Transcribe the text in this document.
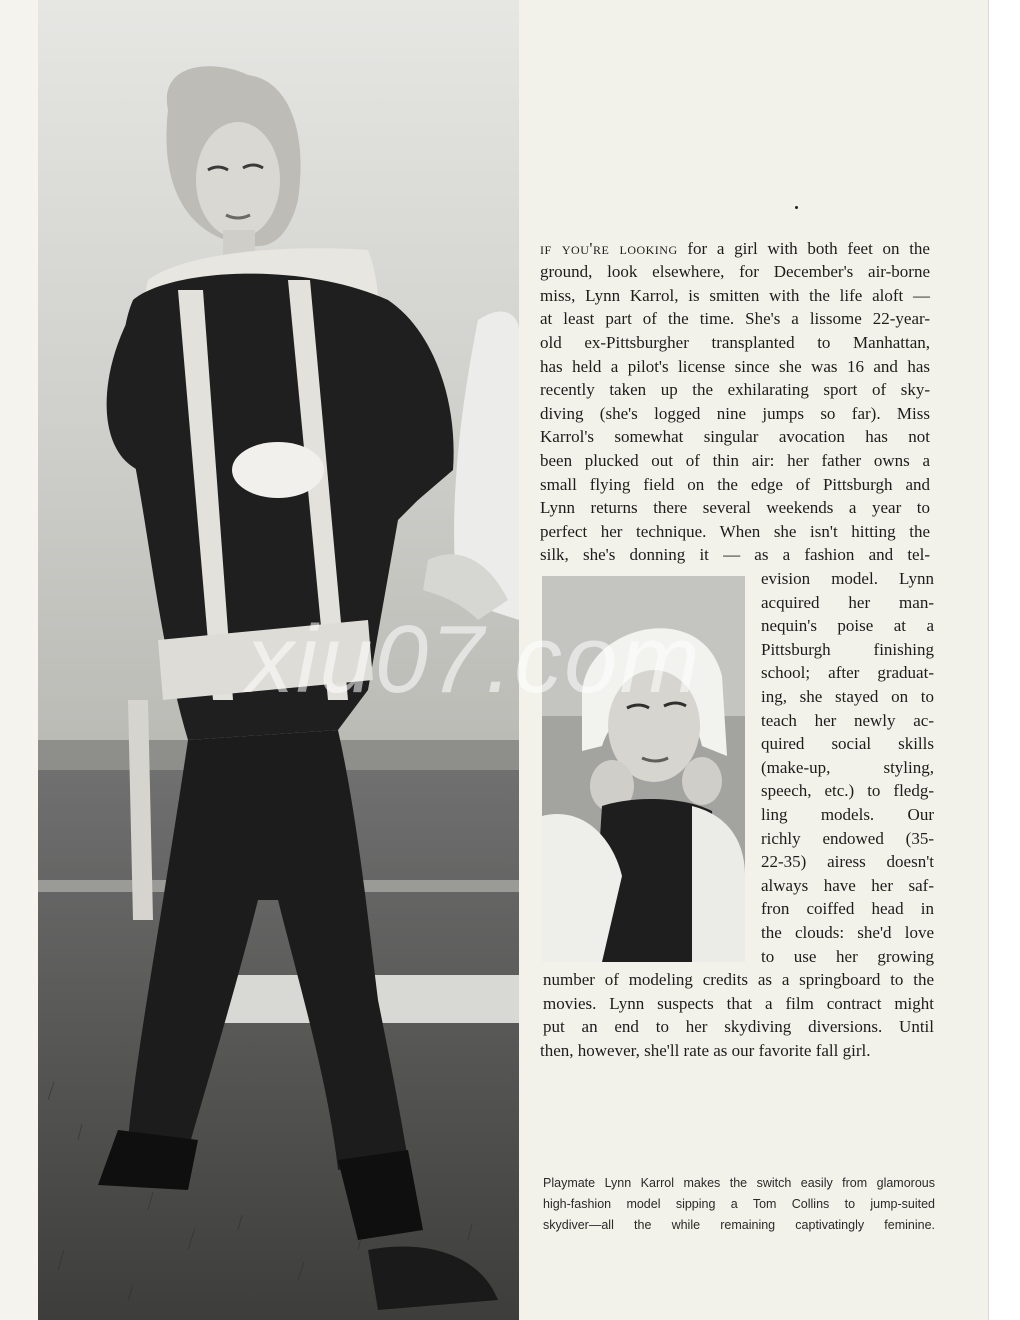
if you're looking for a girl with both feet on the
ground, look elsewhere, for December's air-borne
miss, Lynn Karrol, is smitten with the life aloft —
at least part of the time. She's a lissome 22-year-
old ex-Pittsburgher transplanted to Manhattan,
has held a pilot's license since she was 16 and has
recently taken up the exhilarating sport of sky-
diving (she's logged nine jumps so far). Miss
Karrol's somewhat singular avocation has not
been plucked out of thin air: her father owns a
small flying field on the edge of Pittsburgh and
Lynn returns there several weekends a year to
perfect her technique. When she isn't hitting the
silk, she's donning it — as a fashion and tel-
evision model. Lynn
acquired her man-
nequin's poise at a
Pittsburgh finishing
school; after graduat-
ing, she stayed on to
teach her newly ac-
quired social skills
(make-up, styling,
speech, etc.) to fledg-
ling models. Our
richly endowed (35-
22-35) airess doesn't
always have her saf-
fron coiffed head in
the clouds: she'd love
to use her growing
number of modeling credits as a springboard to the
movies. Lynn suspects that a film contract might
put an end to her skydiving diversions. Until
then, however, she'll rate as our favorite fall girl.
Playmate Lynn Karrol makes the switch easily from glamorous
high-fashion model sipping a Tom Collins to jump-suited
skydiver—all the while remaining captivatingly feminine.
xiu07.com
